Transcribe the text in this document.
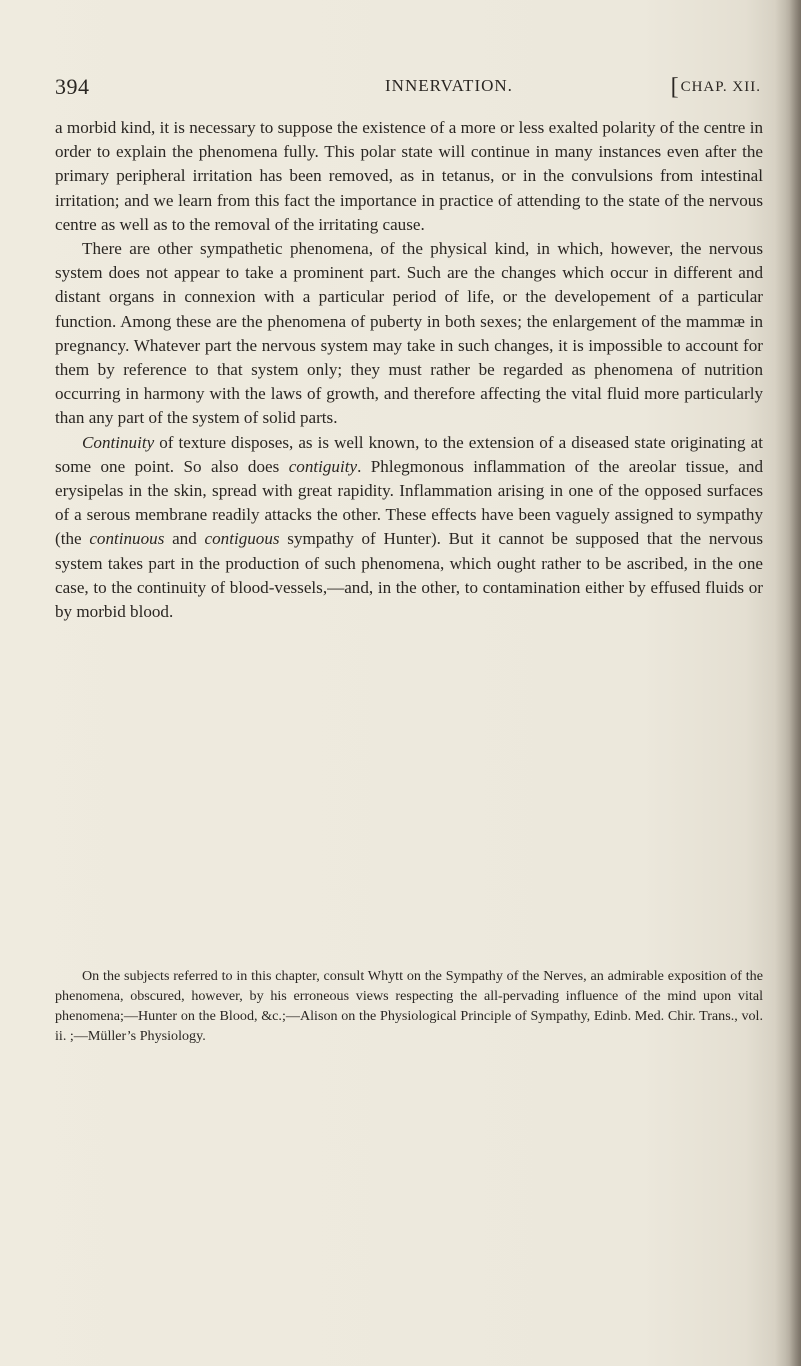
394	INNERVATION.	[CHAP. XII.

a morbid kind, it is necessary to suppose the existence of a more or less exalted polarity of the centre in order to explain the phenomena fully. This polar state will continue in many instances even after the primary peripheral irritation has been removed, as in tetanus, or in the convulsions from intestinal irritation; and we learn from this fact the importance in practice of attending to the state of the nervous centre as well as to the removal of the irritating cause.

There are other sympathetic phenomena, of the physical kind, in which, however, the nervous system does not appear to take a prominent part. Such are the changes which occur in different and distant organs in connexion with a particular period of life, or the developement of a particular function. Among these are the phenomena of puberty in both sexes; the enlargement of the mammæ in pregnancy. Whatever part the nervous system may take in such changes, it is impossible to account for them by reference to that system only; they must rather be regarded as phenomena of nutrition occurring in harmony with the laws of growth, and therefore affecting the vital fluid more particularly than any part of the system of solid parts.

Continuity of texture disposes, as is well known, to the extension of a diseased state originating at some one point. So also does contiguity. Phlegmonous inflammation of the areolar tissue, and erysipelas in the skin, spread with great rapidity. Inflammation arising in one of the opposed surfaces of a serous membrane readily attacks the other. These effects have been vaguely assigned to sympathy (the continuous and contiguous sympathy of Hunter). But it cannot be supposed that the nervous system takes part in the production of such phenomena, which ought rather to be ascribed, in the one case, to the continuity of blood-vessels,—and, in the other, to contamination either by effused fluids or by morbid blood.

On the subjects referred to in this chapter, consult Whytt on the Sympathy of the Nerves, an admirable exposition of the phenomena, obscured, however, by his erroneous views respecting the all-pervading influence of the mind upon vital phenomena;—Hunter on the Blood, &c.;—Alison on the Physiological Principle of Sympathy, Edinb. Med. Chir. Trans., vol. ii. ;—Müller’s Physiology.
